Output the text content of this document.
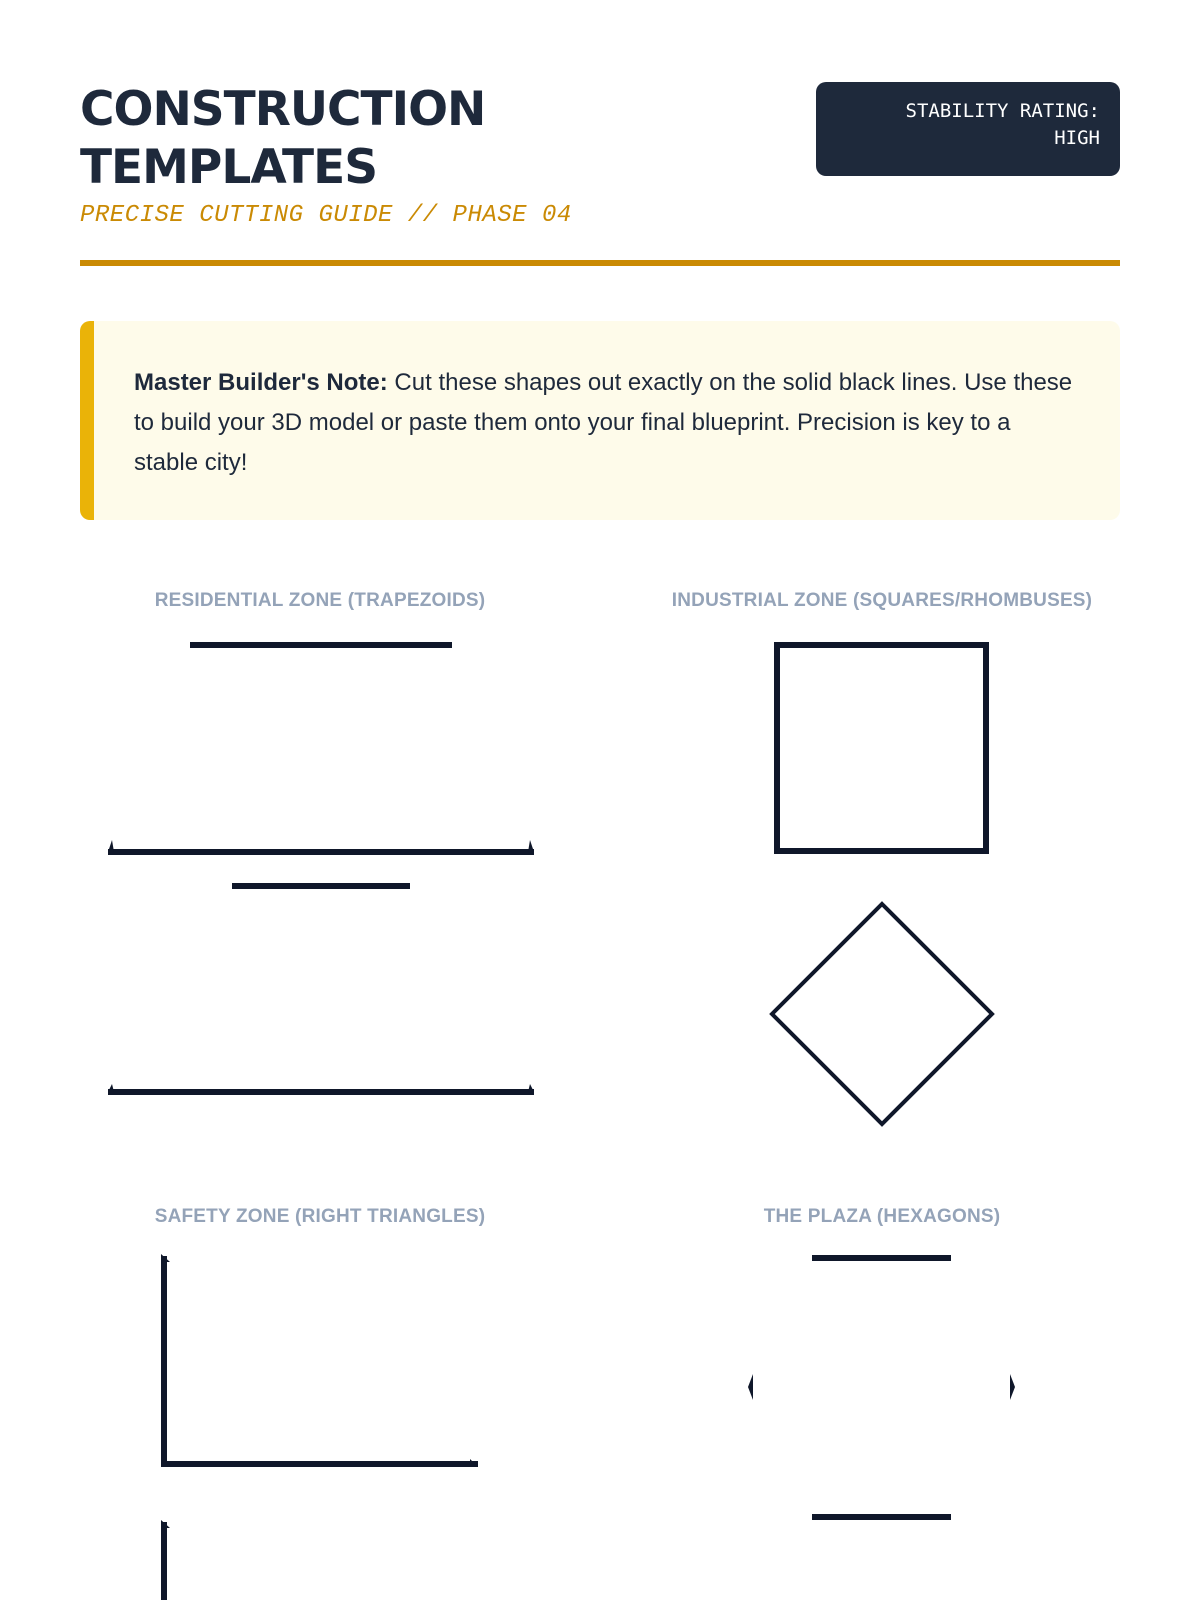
CONSTRUCTION
TEMPLATES
PRECISE CUTTING GUIDE // PHASE 04
STABILITY RATING:
HIGH
Master Builder's Note: Cut these shapes out exactly on the solid black lines. Use these to build your 3D model or paste them onto your final blueprint. Precision is key to a stable city!
RESIDENTIAL ZONE (TRAPEZOIDS)	INDUSTRIAL ZONE (SQUARES/RHOMBUSES)
SAFETY ZONE (RIGHT TRIANGLES)	THE PLAZA (HEXAGONS)
